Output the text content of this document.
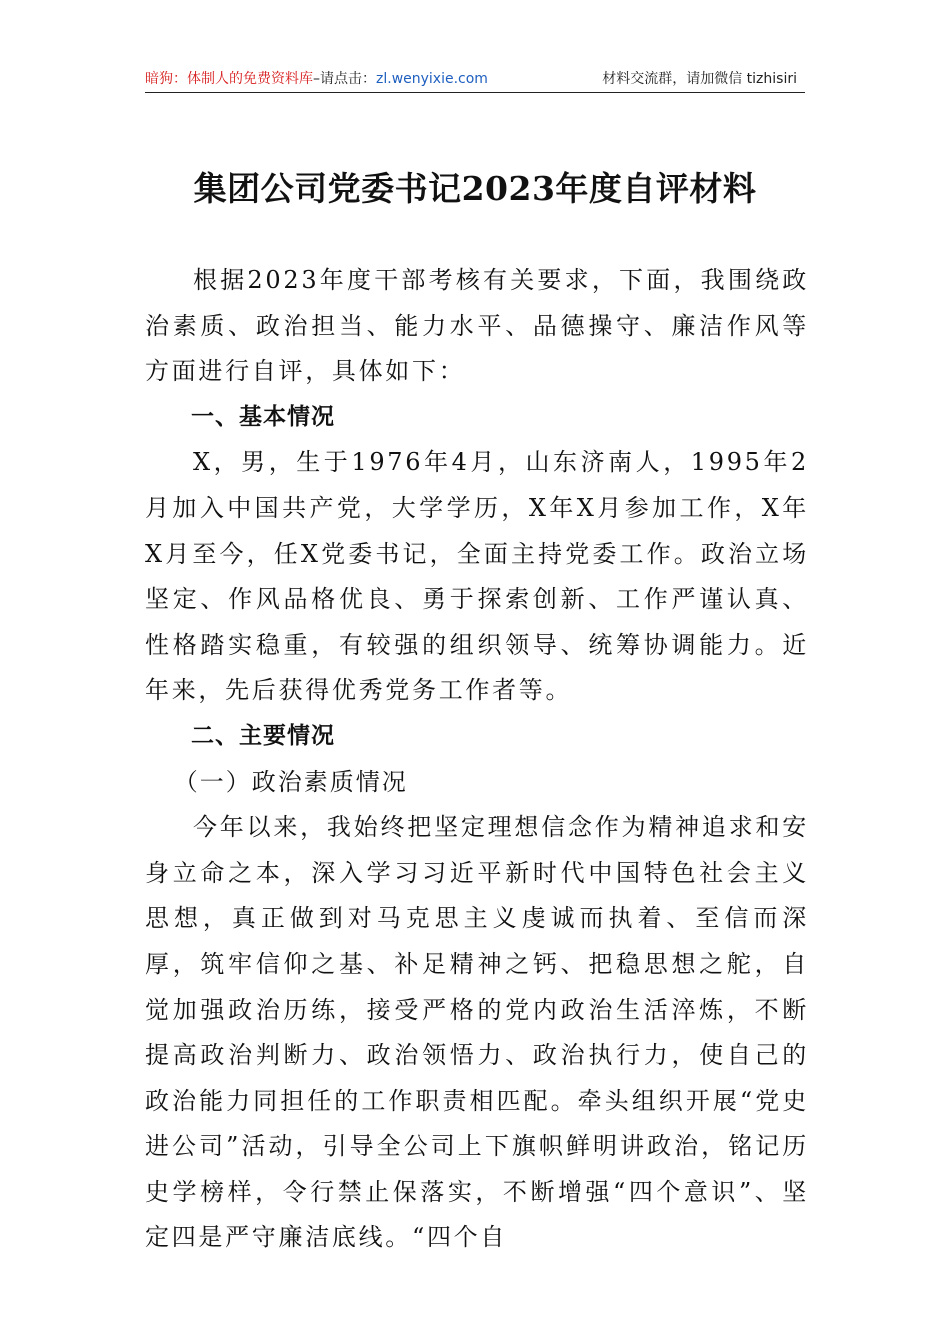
暗狗：体制人的免费资料库–请点击：zl.wenyixie.com	材料交流群，请加微信 tizhisiri
集团公司党委书记2023年度自评材料

根据2023年度干部考核有关要求，下面，我围绕政治素质、政治担当、能力水平、品德操守、廉洁作风等方面进行自评，具体如下：

一、基本情况

X，男，生于1976年4月，山东济南人，1995年2月加入中国共产党，大学学历，X年X月参加工作，X年X月至今，任X党委书记，全面主持党委工作。政治立场坚定、作风品格优良、勇于探索创新、工作严谨认真、性格踏实稳重，有较强的组织领导、统筹协调能力。近年来，先后获得优秀党务工作者等。

二、主要情况

（一）政治素质情况

今年以来，我始终把坚定理想信念作为精神追求和安身立命之本，深入学习习近平新时代中国特色社会主义思想，真正做到对马克思主义虔诚而执着、至信而深厚，筑牢信仰之基、补足精神之钙、把稳思想之舵，自觉加强政治历练，接受严格的党内政治生活淬炼，不断提高政治判断力、政治领悟力、政治执行力，使自己的政治能力同担任的工作职责相匹配。牵头组织开展“党史进公司”活动，引导全公司上下旗帜鲜明讲政治，铭记历史学榜样，令行禁止保落实，不断增强“四个意识”、坚定四是严守廉洁底线。“四个自
